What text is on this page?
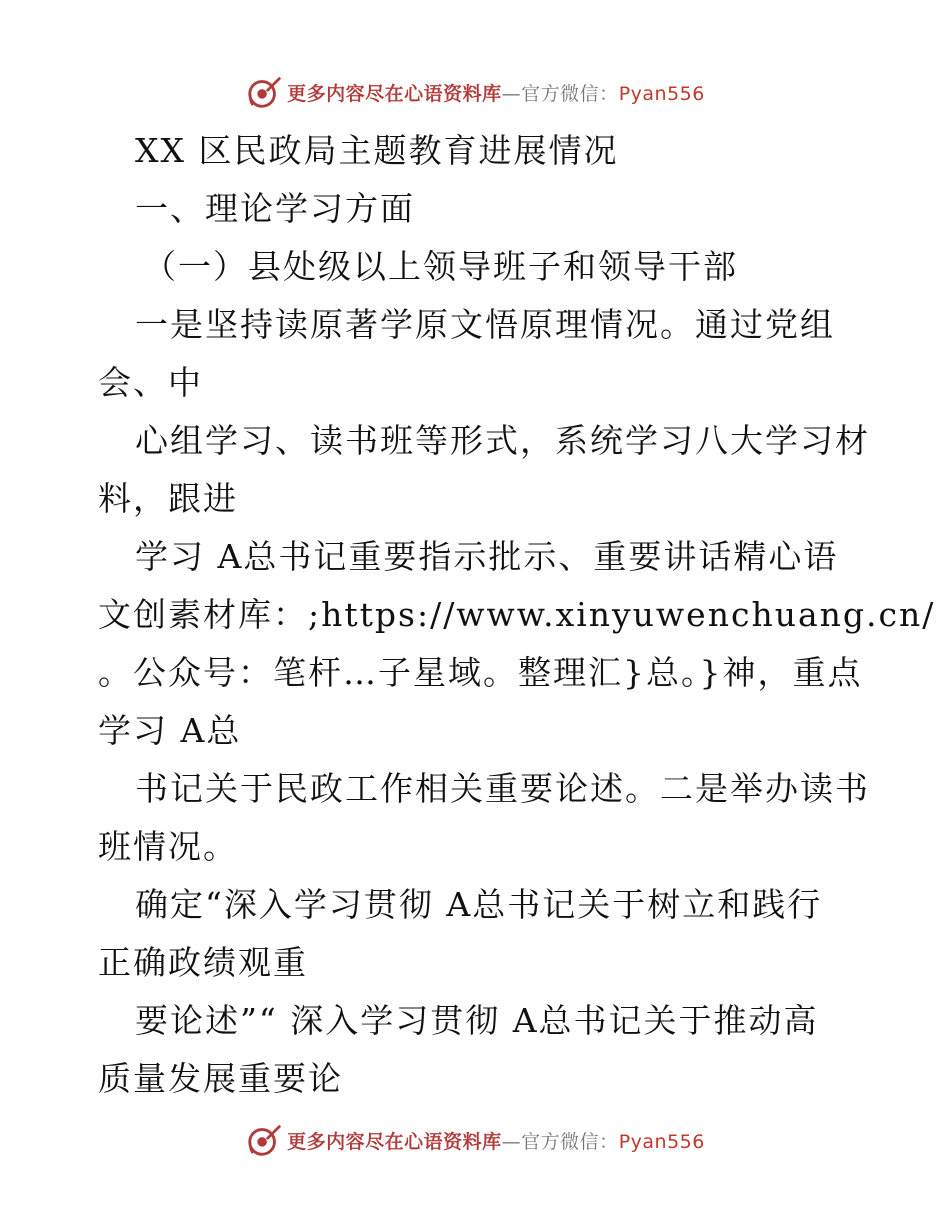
更多内容尽在心语资料库—官方微信：Pyan556

XX 区民政局主题教育进展情况

一、理论学习方面

（一）县处级以上领导班子和领导干部

一是坚持读原著学原文悟原理情况。通过党组

会、中

心组学习、读书班等形式，系统学习八大学习材

料，跟进

学习 A总书记重要指示批示、重要讲话精心语

文创素材库：;https://www.xinyuwenchuang.cn/

。公众号：笔杆…子星域。整理汇}总。}神，重点

学习 A总

书记关于民政工作相关重要论述。二是举办读书

班情况。

确定“深入学习贯彻 A总书记关于树立和践行

正确政绩观重

要论述”“ 深入学习贯彻 A总书记关于推动高

质量发展重要论

更多内容尽在心语资料库—官方微信：Pyan556
